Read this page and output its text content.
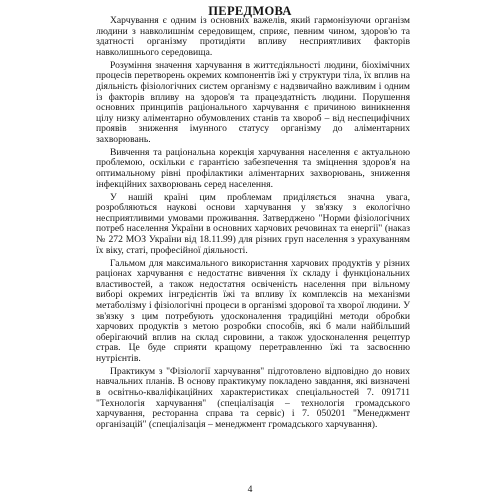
ПЕРЕДМОВА

Харчування є одним із основних важелів, який гармонізуючи організм людини з навколишнім середовищем, сприяє, певним чином, здоров'ю та здатності організму протидіяти впливу несприятливих факторів навколишнього середовища.

Розуміння значення харчування в життєдіяльності людини, біохімічних процесів перетворень окремих компонентів їжі у структури тіла, їх вплив на діяльність фізіологічних систем організму є надзвичайно важливим і одним із факторів впливу на здоров'я та працездатність людини. Порушення основних принципів раціонального харчування є причиною виникнення цілу низку аліментарно обумовлених станів та хвороб – від неспецифічних проявів зниження імунного статусу організму до аліментарних захворювань.

Вивчення та раціональна корекція харчування населення є актуальною проблемою, оскільки є гарантією забезпечення та зміцнення здоров'я на оптимальному рівні профілактики аліментарних захворювань, зниження інфекційних захворювань серед населення.

У нашій країні цим проблемам приділяється значна увага, розробляються наукові основи харчування у зв'язку з екологічно несприятливими умовами проживання. Затверджено "Норми фізіологічних потреб населення України в основних харчових речовинах та енергії" (наказ № 272 МОЗ України від 18.11.99) для різних груп населення з урахуванням їх віку, статі, професійної діяльності.

Гальмом для максимального використання харчових продуктів у різних раціонах харчування є недостатнє вивчення їх складу і функціональних властивостей, а також недостатня освіченість населення при вільному виборі окремих інгредієнтів їжі та впливу їх комплексів на механізми метаболізму і фізіологічні процеси в організмі здорової та хворої людини. У зв'язку з цим потребують удосконалення традиційні методи обробки харчових продуктів з метою розробки способів, які б мали найбільший оберігаючий вплив на склад сировини, а також удосконалення рецептур страв. Це буде сприяти кращому перетравленню їжі та засвоєнню нутрієнтів.

Практикум з "Фізіології харчування" підготовлено відповідно до нових навчальних планів. В основу практикуму покладено завдання, які визначені в освітньо-кваліфікаційних характеристиках спеціальностей 7. 091711 "Технологія харчування" (спеціалізація – технологія громадського харчування, ресторанна справа та сервіс) і 7. 050201 "Менеджмент організацій" (спеціалізація – менеджмент громадського харчування).

4
